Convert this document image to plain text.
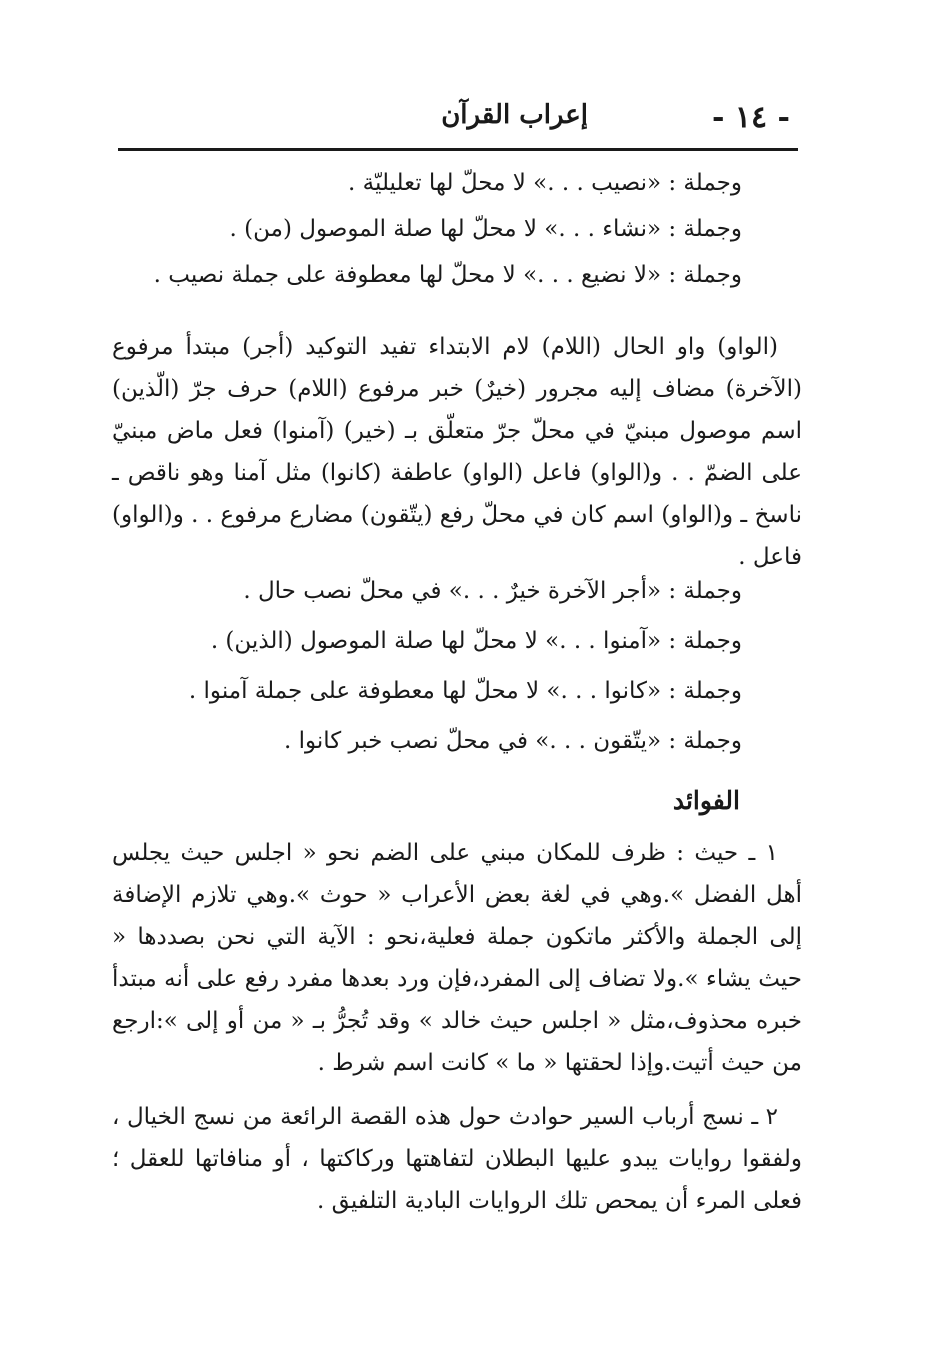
- ١٤ -
إعراب القرآن
وجملة : «نصيب . . .» لا محلّ لها تعليليّة .
وجملة : «نشاء . . .» لا محلّ لها صلة الموصول (من) .
وجملة : «لا نضيع . . .» لا محلّ لها معطوفة على جملة نصيب .
(الواو) واو الحال (اللام) لام الابتداء تفيد التوكيد (أجر) مبتدأ مرفوع (الآخرة) مضاف إليه مجرور (خيرٌ) خبر مرفوع (اللام) حرف جرّ (الّذين) اسم موصول مبنيّ في محلّ جرّ متعلّق بـ (خير) (آمنوا) فعل ماض مبنيّ على الضمّ . . و(الواو) فاعل (الواو) عاطفة (كانوا) مثل آمنا وهو ناقص ـ ناسخ ـ و(الواو) اسم كان في محلّ رفع (يتّقون) مضارع مرفوع . . و(الواو) فاعل .
وجملة : «أجر الآخرة خيرٌ . . .» في محلّ نصب حال .
وجملة : «آمنوا . . .» لا محلّ لها صلة الموصول (الذين) .
وجملة : «كانوا . . .» لا محلّ لها معطوفة على جملة آمنوا .
وجملة : «يتّقون . . .» في محلّ نصب خبر كانوا .
الفوائد
١ ـ حيث : ظرف للمكان مبني على الضم نحو « اجلس حيث يجلس أهل الفضل ».وهي في لغة بعض الأعراب « حوث ».وهي تلازم الإضافة إلى الجملة والأكثر ماتكون جملة فعلية،نحو : الآية التي نحن بصددها « حيث يشاء ».ولا تضاف إلى المفرد،فإن ورد بعدها مفرد رفع على أنه مبتدأ خبره محذوف،مثل « اجلس حيث خالد » وقد تُجرُّ بـ « من أو إلى »:ارجع من حيث أتيت.وإذا لحقتها « ما » كانت اسم شرط .
٢ ـ نسج أرباب السير حوادث حول هذه القصة الرائعة من نسج الخيال ، ولفقوا روايات يبدو عليها البطلان لتفاهتها وركاكتها ، أو منافاتها للعقل ؛ فعلى المرء أن يمحص تلك الروايات البادية التلفيق .
